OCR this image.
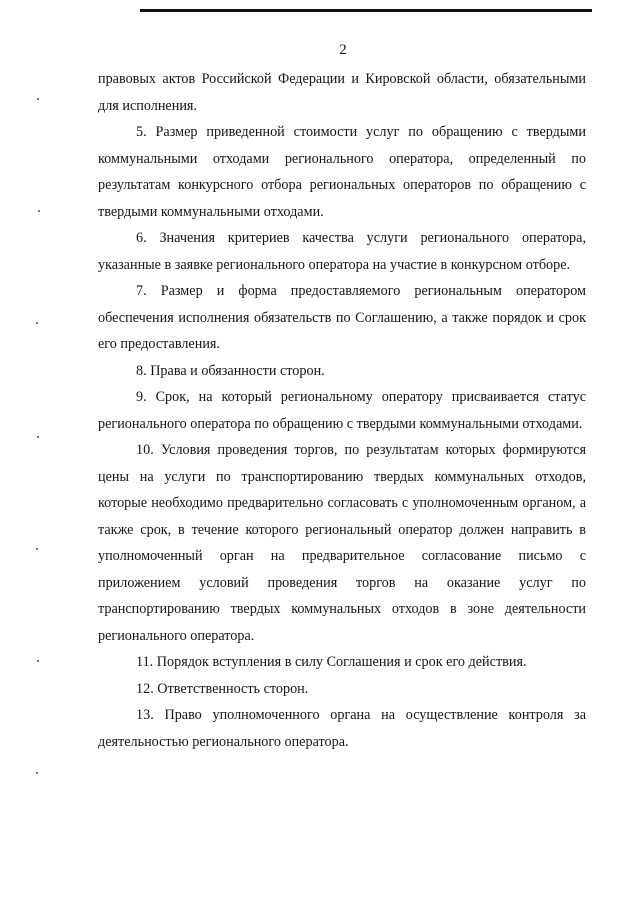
2

правовых актов Российской Федерации и Кировской области, обязательными для исполнения.

5. Размер приведенной стоимости услуг по обращению с твердыми коммунальными отходами регионального оператора, определенный по результатам конкурсного отбора региональных операторов по обращению с твердыми коммунальными отходами.

6. Значения критериев качества услуги регионального оператора, указанные в заявке регионального оператора на участие в конкурсном отборе.

7. Размер и форма предоставляемого региональным оператором обеспечения исполнения обязательств по Соглашению, а также порядок и срок его предоставления.

8. Права и обязанности сторон.

9. Срок, на который региональному оператору присваивается статус регионального оператора по обращению с твердыми коммунальными отходами.

10. Условия проведения торгов, по результатам которых формируются цены на услуги по транспортированию твердых коммунальных отходов, которые необходимо предварительно согласовать с уполномоченным органом, а также срок, в течение которого региональный оператор должен направить в уполномоченный орган на предварительное согласование письмо с приложением условий проведения торгов на оказание услуг по транспортированию твердых коммунальных отходов в зоне деятельности регионального оператора.

11. Порядок вступления в силу Соглашения и срок его действия.

12. Ответственность сторон.

13. Право уполномоченного органа на осуществление контроля за деятельностью регионального оператора.
